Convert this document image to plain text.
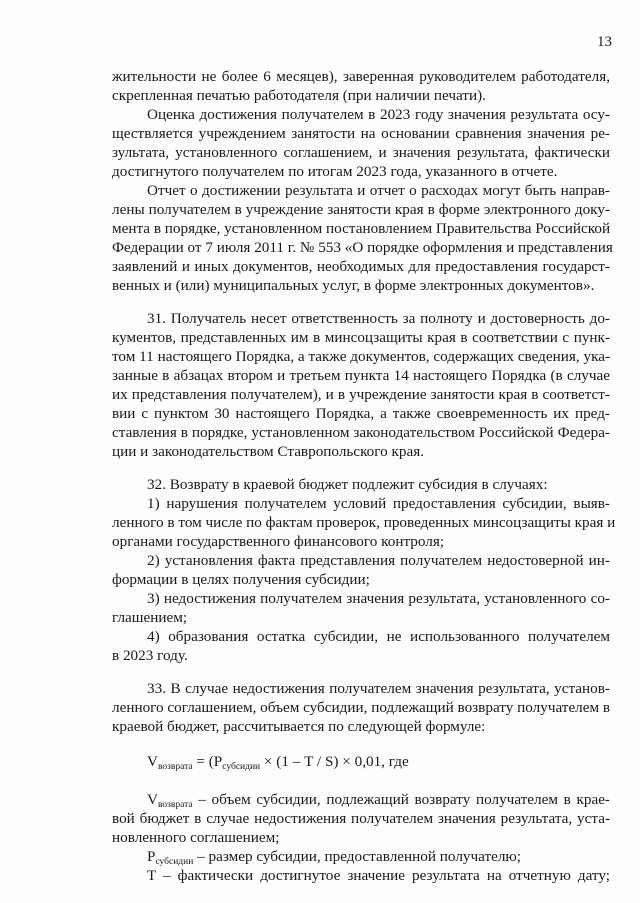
13
жительности не более 6 месяцев), заверенная руководителем работодателя,
скрепленная печатью работодателя (при наличии печати).
Оценка достижения получателем в 2023 году значения результата осу-
ществляется учреждением занятости на основании сравнения значения ре-
зультата, установленного соглашением, и значения результата, фактически
достигнутого получателем по итогам 2023 года, указанного в отчете.
Отчет о достижении результата и отчет о расходах могут быть направ-
лены получателем в учреждение занятости края в форме электронного доку-
мента в порядке, установленном постановлением Правительства Российской
Федерации от 7 июля 2011 г. № 553 «О порядке оформления и представления
заявлений и иных документов, необходимых для предоставления государст-
венных и (или) муниципальных услуг, в форме электронных документов».
31. Получатель несет ответственность за полноту и достоверность до-
кументов, представленных им в минсоцзащиты края в соответствии с пунк-
том 11 настоящего Порядка, а также документов, содержащих сведения, ука-
занные в абзацах втором и третьем пункта 14 настоящего Порядка (в случае
их представления получателем), и в учреждение занятости края в соответст-
вии с пунктом 30 настоящего Порядка, а также своевременность их пред-
ставления в порядке, установленном законодательством Российской Федера-
ции и законодательством Ставропольского края.
32. Возврату в краевой бюджет подлежит субсидия в случаях:
1) нарушения получателем условий предоставления субсидии, выяв-
ленного в том числе по фактам проверок, проведенных минсоцзащиты края и
органами государственного финансового контроля;
2) установления факта представления получателем недостоверной ин-
формации в целях получения субсидии;
3) недостижения получателем значения результата, установленного со-
глашением;
4) образования остатка субсидии, не использованного получателем
в 2023 году.
33. В случае недостижения получателем значения результата, установ-
ленного соглашением, объем субсидии, подлежащий возврату получателем в
краевой бюджет, рассчитывается по следующей формуле:
$V_{возврата} = (P_{субсидии} \times (1 - T / S) \times 0,01$, где
$V_{возврата}$ – объем субсидии, подлежащий возврату получателем в крае-
вой бюджет в случае недостижения получателем значения результата, уста-
новленного соглашением;
$P_{субсидии}$ – размер субсидии, предоставленной получателю;
T – фактически достигнутое значение результата на отчетную дату;
